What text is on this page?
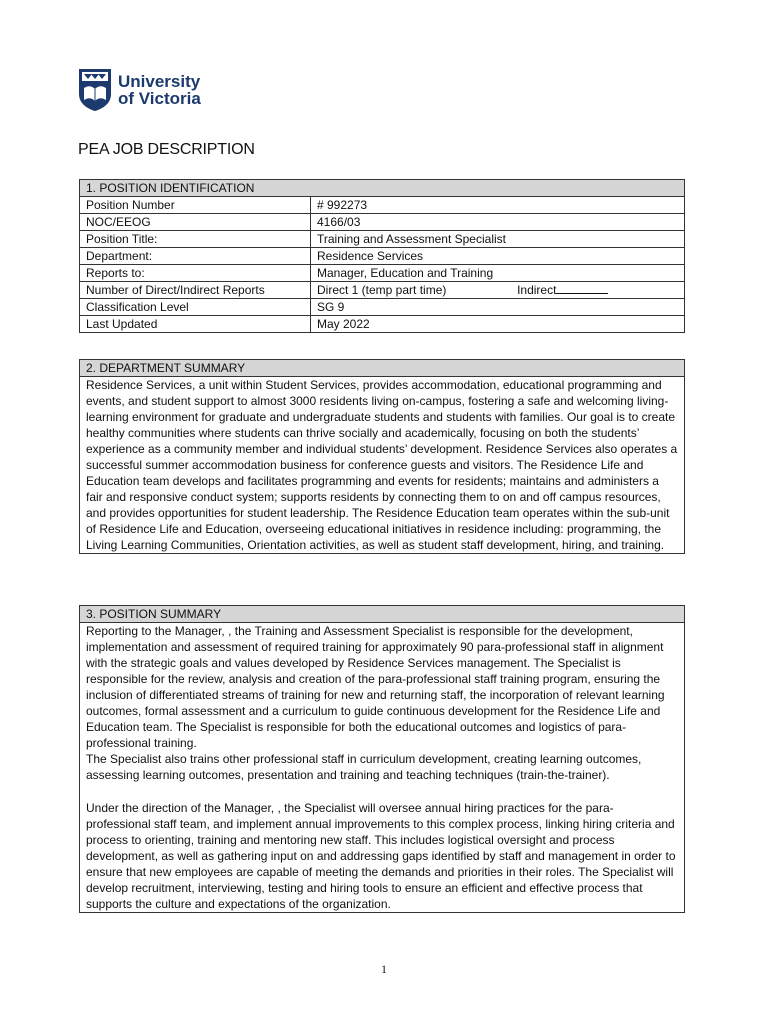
University
of Victoria
PEA JOB DESCRIPTION
1. POSITION IDENTIFICATION	
Position Number	# 992273
NOC/EEOG	4166/03
Position Title:	Training and Assessment Specialist
Department:	Residence Services
Reports to:	Manager, Education and Training
Number of Direct/Indirect Reports	Direct 1 (temp part time) Indirect
Classification Level	SG 9
Last Updated	May 2022
2. DEPARTMENT SUMMARY
Residence Services, a unit within Student Services, provides accommodation, educational programming and events, and student support to almost 3000 residents living on-campus, fostering a safe and welcoming living-learning environment for graduate and undergraduate students and students with families. Our goal is to create healthy communities where students can thrive socially and academically, focusing on both the students’ experience as a community member and individual students’ development. Residence Services also operates a successful summer accommodation business for conference guests and visitors. The Residence Life and Education team develops and facilitates programming and events for residents; maintains and administers a fair and responsive conduct system; supports residents by connecting them to on and off campus resources, and provides opportunities for student leadership. The Residence Education team operates within the sub-unit of Residence Life and Education, overseeing educational initiatives in residence including: programming, the Living Learning Communities, Orientation activities, as well as student staff development, hiring, and training.
3. POSITION SUMMARY

Reporting to the Manager, , the Training and Assessment Specialist is responsible for the development, implementation and assessment of required training for approximately 90 para-professional staff in alignment with the strategic goals and values developed by Residence Services management. The Specialist is responsible for the review, analysis and creation of the para-professional staff training program, ensuring the inclusion of differentiated streams of training for new and returning staff, the incorporation of relevant learning outcomes, formal assessment and a curriculum to guide continuous development for the Residence Life and Education team. The Specialist is responsible for both the educational outcomes and logistics of para-professional training.
The Specialist also trains other professional staff in curriculum development, creating learning outcomes, assessing learning outcomes, presentation and training and teaching techniques (train-the-trainer).
Under the direction of the Manager, , the Specialist will oversee annual hiring practices for the para-professional staff team, and implement annual improvements to this complex process, linking hiring criteria and process to orienting, training and mentoring new staff. This includes logistical oversight and process development, as well as gathering input on and addressing gaps identified by staff and management in order to ensure that new employees are capable of meeting the demands and priorities in their roles. The Specialist will develop recruitment, interviewing, testing and hiring tools to ensure an efficient and effective process that supports the culture and expectations of the organization.
1
